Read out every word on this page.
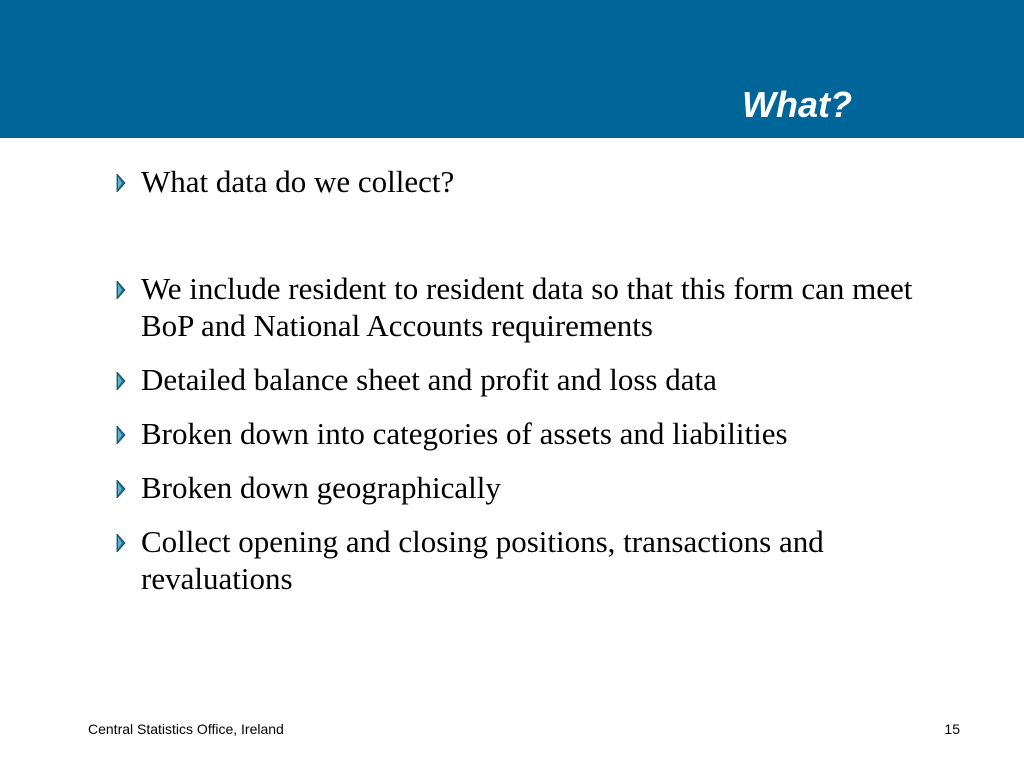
What?
What data do we collect?
We include resident to resident data so that this form can meet BoP and National Accounts requirements
Detailed balance sheet and profit and loss data
Broken down into categories of assets and liabilities
Broken down geographically
Collect opening and closing positions, transactions and revaluations
Central Statistics Office, Ireland	15
